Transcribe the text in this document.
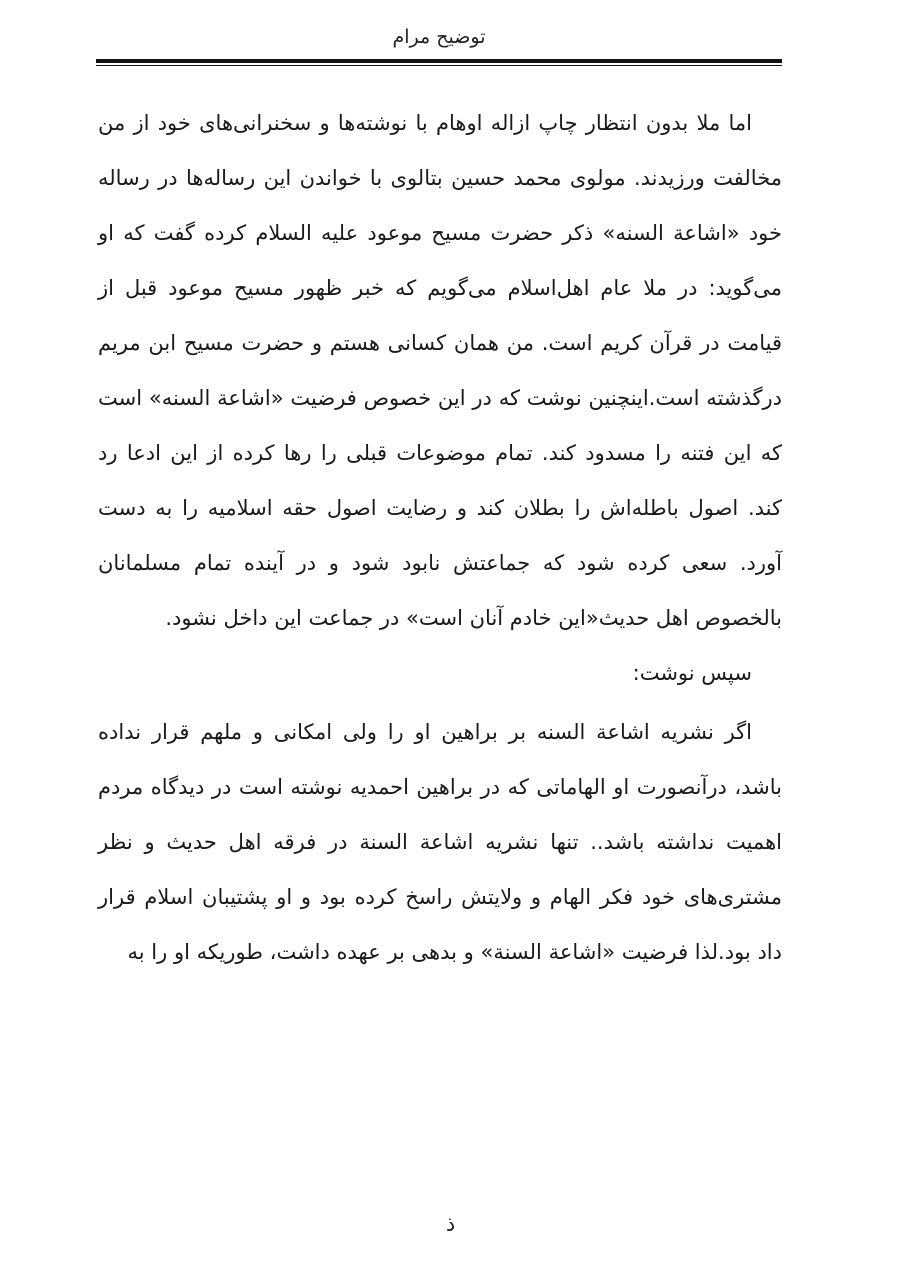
توضیح مرام

اما ملا بدون انتظار چاپ ازاله اوهام با نوشته‌ها و سخنرانی‌های خود از من مخالفت ورزیدند. مولوی محمد حسین بتالوی با خواندن این رساله‌ها در رساله خود «اشاعة السنه» ذکر حضرت مسیح موعود علیه السلام کرده گفت که او می‌گوید: در ملا عام اهل‌اسلام می‌گویم که خبر ظهور مسیح موعود قبل از قیامت در قرآن کریم است. من همان کسانی هستم و حضرت مسیح ابن مریم درگذشته است.اینچنین نوشت که در این خصوص فرضیت «اشاعة السنه» است که این فتنه را مسدود کند. تمام موضوعات قبلی را رها کرده از این ادعا رد کند. اصول باطله‌اش را بطلان کند و رضایت اصول حقه اسلامیه را به دست آورد. سعی کرده شود که جماعتش نابود شود و در آینده تمام مسلمانان بالخصوص اهل حدیث«این خادم آنان است» در جماعت این داخل نشود.

سپس نوشت:

اگر نشریه اشاعة السنه بر براهین او را ولی امکانی و ملهم قرار نداده باشد، درآنصورت او الهاماتی که در براهین احمدیه نوشته است در دیدگاه مردم اهمیت نداشته باشد.. تنها نشریه اشاعة السنة در فرقه اهل حدیث و نظر مشتری‌های خود فکر الهام و ولایتش راسخ کرده بود و او پشتیبان اسلام قرار داد بود.لذا فرضیت «اشاعة السنة» و بدهی بر عهده داشت، طوریکه او را به

ذ
